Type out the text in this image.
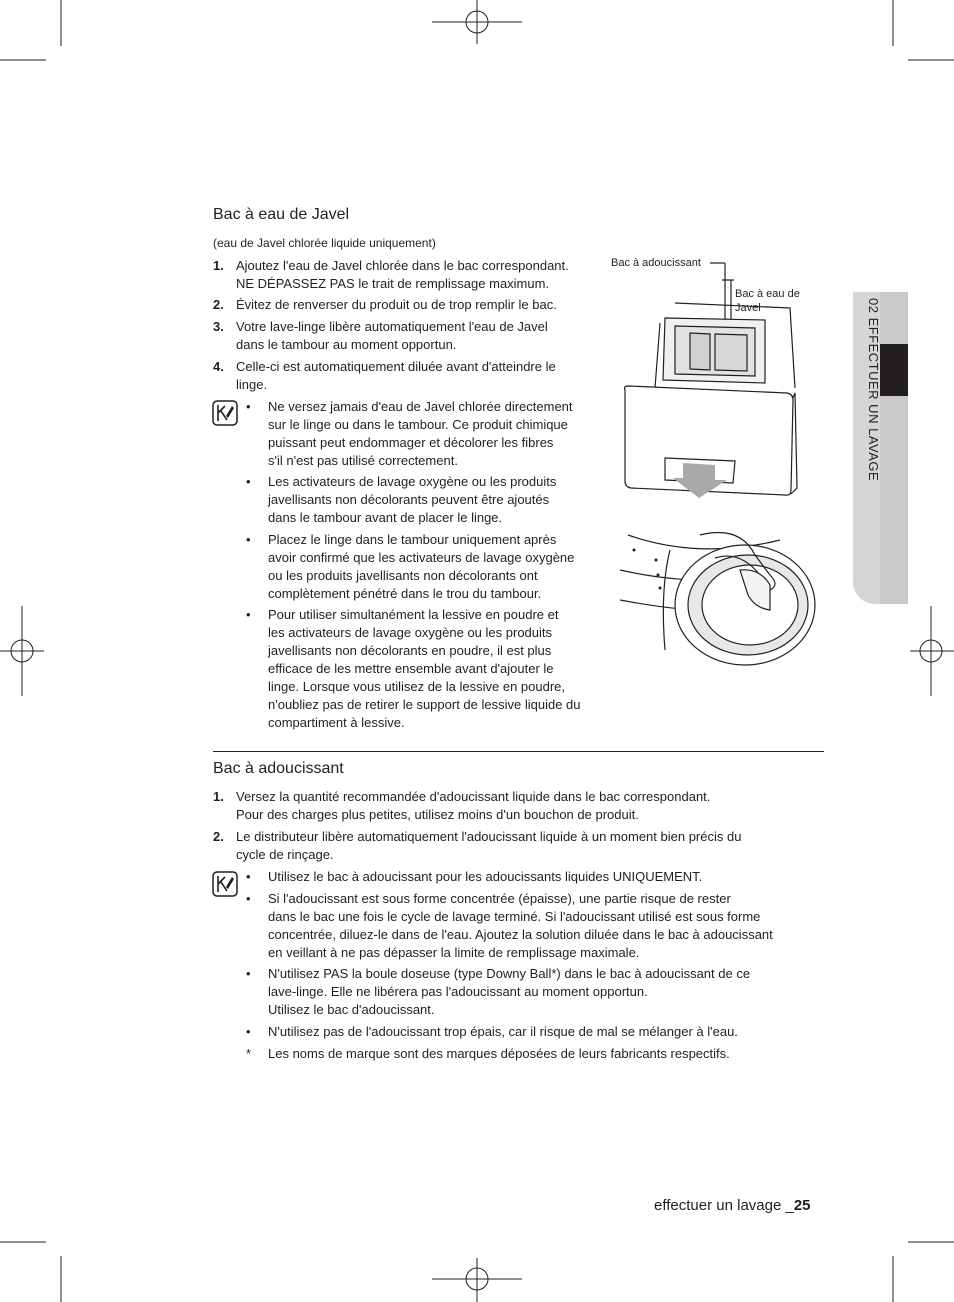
02 EFFECTUER UN LAVAGE
Bac à eau de Javel
(eau de Javel chlorée liquide uniquement)
1. Ajoutez l'eau de Javel chlorée dans le bac correspondant.
NE DÉPASSEZ PAS le trait de remplissage maximum.
2. Évitez de renverser du produit ou de trop remplir le bac.
3. Votre lave-linge libère automatiquement l'eau de Javel
dans le tambour au moment opportun.
4. Celle-ci est automatiquement diluée avant d'atteindre le
linge.
• Ne versez jamais d'eau de Javel chlorée directement
sur le linge ou dans le tambour. Ce produit chimique
puissant peut endommager et décolorer les fibres
s'il n'est pas utilisé correctement.
• Les activateurs de lavage oxygène ou les produits
javellisants non décolorants peuvent être ajoutés
dans le tambour avant de placer le linge.
• Placez le linge dans le tambour uniquement après
avoir confirmé que les activateurs de lavage oxygène
ou les produits javellisants non décolorants ont
complètement pénétré dans le trou du tambour.
• Pour utiliser simultanément la lessive en poudre et
les activateurs de lavage oxygène ou les produits
javellisants non décolorants en poudre, il est plus
efficace de les mettre ensemble avant d'ajouter le
linge. Lorsque vous utilisez de la lessive en poudre,
n'oubliez pas de retirer le support de lessive liquide du
compartiment à lessive.
Bac à adoucissant
Bac à eau de
Javel
Bac à adoucissant
1. Versez la quantité recommandée d'adoucissant liquide dans le bac correspondant.
Pour des charges plus petites, utilisez moins d'un bouchon de produit.
2. Le distributeur libère automatiquement l'adoucissant liquide à un moment bien précis du
cycle de rinçage.
• Utilisez le bac à adoucissant pour les adoucissants liquides UNIQUEMENT.
• Si l'adoucissant est sous forme concentrée (épaisse), une partie risque de rester
dans le bac une fois le cycle de lavage terminé. Si l'adoucissant utilisé est sous forme
concentrée, diluez-le dans de l'eau. Ajoutez la solution diluée dans le bac à adoucissant
en veillant à ne pas dépasser la limite de remplissage maximale.
• N'utilisez PAS la boule doseuse (type Downy Ball*) dans le bac à adoucissant de ce
lave-linge. Elle ne libérera pas l'adoucissant au moment opportun.
Utilisez le bac d'adoucissant.
• N'utilisez pas de l'adoucissant trop épais, car il risque de mal se mélanger à l'eau.
* Les noms de marque sont des marques déposées de leurs fabricants respectifs.
effectuer un lavage _25
